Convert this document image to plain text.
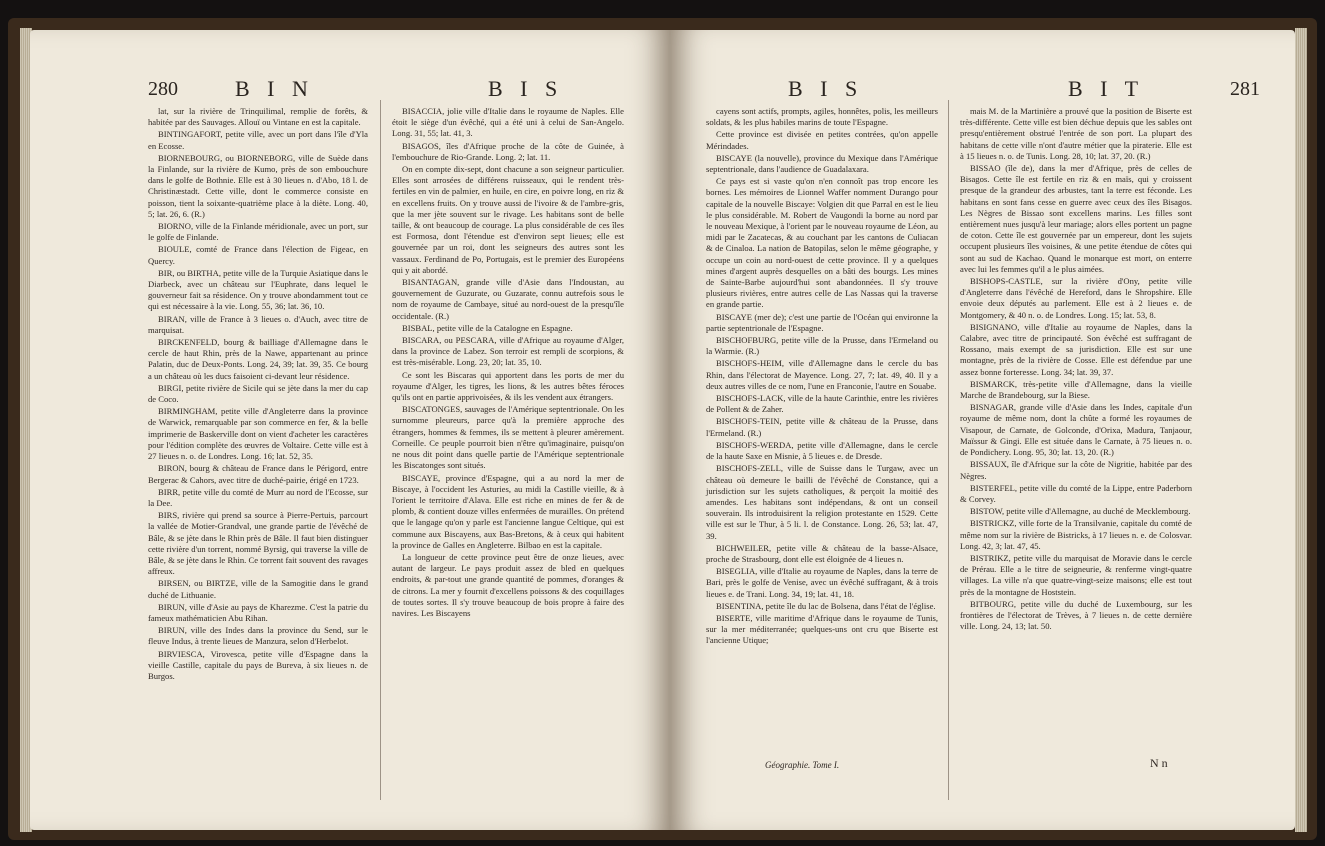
280	B I N	B I S

lat, sur la rivière de Trinquilimal, remplie de forêts, & habitée par des Sauvages. Allouï ou Vintane en est la capitale.

BINTINGAFORT, petite ville, avec un port dans l'île d'Yla en Ecosse.

BIORNEBOURG, ou BIORNEBORG, ville de Suède dans la Finlande, sur la rivière de Kumo, près de son embouchure dans le golfe de Bothnie. Elle est à 30 lieues n. d'Abo, 18 l. de Christinæstadt. Cette ville, dont le commerce consiste en poisson, tient la soixante-quatrième place à la diète. Long. 40, 5; lat. 26, 6. (R.)

BIORNO, ville de la Finlande méridionale, avec un port, sur le golfe de Finlande.

BIOULE, comté de France dans l'élection de Figeac, en Quercy.

BIR, ou BIRTHA, petite ville de la Turquie Asiatique dans le Diarbeck, avec un château sur l'Euphrate, dans lequel le gouverneur fait sa résidence. On y trouve abondamment tout ce qui est nécessaire à la vie. Long. 55, 36; lat. 36, 10.

BIRAN, ville de France à 3 lieues o. d'Auch, avec titre de marquisat.

BIRCKENFELD, bourg & bailliage d'Allemagne dans le cercle de haut Rhin, près de la Nawe, appartenant au prince Palatin, duc de Deux-Ponts. Long. 24, 39; lat. 39, 35. Ce bourg a un château où les ducs faisoient ci-devant leur résidence.

BIRGI, petite rivière de Sicile qui se jète dans la mer du cap de Coco.

BIRMINGHAM, petite ville d'Angleterre dans la province de Warwick, remarquable par son commerce en fer, & la belle imprimerie de Baskerville dont on vient d'acheter les caractères pour l'édition complète des œuvres de Voltaire. Cette ville est à 27 lieues n. o. de Londres. Long. 16; lat. 52, 35.

BIRON, bourg & château de France dans le Périgord, entre Bergerac & Cahors, avec titre de duché-pairie, érigé en 1723.

BIRR, petite ville du comté de Murr au nord de l'Ecosse, sur la Dee.

BIRS, rivière qui prend sa source à Pierre-Pertuis, parcourt la vallée de Motier-Grandval, une grande partie de l'évêché de Bâle, & se jète dans le Rhin près de Bâle. Il faut bien distinguer cette rivière d'un torrent, nommé Byrsig, qui traverse la ville de Bâle, & se jète dans le Rhin. Ce torrent fait souvent des ravages affreux.

BIRSEN, ou BIRTZE, ville de la Samogitie dans le grand duché de Lithuanie.

BIRUN, ville d'Asie au pays de Kharezme. C'est la patrie du fameux mathématicien Abu Rihan.

BIRUN, ville des Indes dans la province du Send, sur le fleuve Indus, à trente lieues de Manzura, selon d'Herbelot.

BIRVIESCA, Virovesca, petite ville d'Espagne dans la vieille Castille, capitale du pays de Bureva, à six lieues n. de Burgos.

BISACCIA, jolie ville d'Italie dans le royaume de Naples. Elle étoit le siège d'un évêché, qui a été uni à celui de San-Angelo. Long. 31, 55; lat. 41, 3.

BISAGOS, îles d'Afrique proche de la côte de Guinée, à l'embouchure de Rio-Grande. Long. 2; lat. 11.

On en compte dix-sept, dont chacune a son seigneur particulier. Elles sont arrosées de différens ruisseaux, qui le rendent très-fertiles en vin de palmier, en huile, en cire, en poivre long, en riz & en excellens fruits. On y trouve aussi de l'ivoire & de l'ambre-gris, que la mer jète souvent sur le rivage. Les habitans sont de belle taille, & ont beaucoup de courage. La plus considérable de ces îles est Formosa, dont l'étendue est d'environ sept lieues; elle est gouvernée par un roi, dont les seigneurs des autres sont les vassaux. Ferdinand de Po, Portugais, est le premier des Européens qui y ait abordé.

BISANTAGAN, grande ville d'Asie dans l'Indoustan, au gouvernement de Guzurate, ou Guzarate, connu autrefois sous le nom de royaume de Cambaye, situé au nord-ouest de la presqu'île occidentale. (R.)

BISBAL, petite ville de la Catalogne en Espagne.

BISCARA, ou PESCARA, ville d'Afrique au royaume d'Alger, dans la province de Labez. Son terroir est rempli de scorpions, & est très-misérable. Long. 23, 20; lat. 35, 10.

Ce sont les Biscaras qui apportent dans les ports de mer du royaume d'Alger, les tigres, les lions, & les autres bêtes féroces qu'ils ont en partie apprivoisées, & ils les vendent aux étrangers.

BISCATONGES, sauvages de l'Amérique septentrionale. On les surnomme pleureurs, parce qu'à la première approche des étrangers, hommes & femmes, ils se mettent à pleurer amèrement. Corneille. Ce peuple pourroit bien n'être qu'imaginaire, puisqu'on ne nous dit point dans quelle partie de l'Amérique septentrionale les Biscatonges sont situés.

BISCAYE, province d'Espagne, qui a au nord la mer de Biscaye, à l'occident les Asturies, au midi la Castille vieille, & à l'orient le territoire d'Alava. Elle est riche en mines de fer & de plomb, & contient douze villes enfermées de murailles. On prétend que le langage qu'on y parle est l'ancienne langue Celtique, qui est commune aux Biscayens, aux Bas-Bretons, & à ceux qui habitent la province de Galles en Angleterre. Bilbao en est la capitale.

La longueur de cette province peut être de onze lieues, avec autant de largeur. Le pays produit assez de bled en quelques endroits, & par-tout une grande quantité de pommes, d'oranges & de citrons. La mer y fournit d'excellens poissons & des coquillages de toutes sortes. Il s'y trouve beaucoup de bois propre à faire des navires. Les Biscayens

B I S	B I T	281

cayens sont actifs, prompts, agiles, honnêtes, polis, les meilleurs soldats, & les plus habiles marins de toute l'Espagne.

Cette province est divisée en petites contrées, qu'on appelle Mérindades.

BISCAYE (la nouvelle), province du Mexique dans l'Amérique septentrionale, dans l'audience de Guadalaxara.

Ce pays est si vaste qu'on n'en connoît pas trop encore les bornes. Les mémoires de Lionnel Waffer nomment Durango pour capitale de la nouvelle Biscaye: Volgien dit que Parral en est le lieu le plus considérable. M. Robert de Vaugondi la borne au nord par le nouveau Mexique, à l'orient par le nouveau royaume de Léon, au midi par le Zacatecas, & au couchant par les cantons de Culiacan & de Cinaloa. La nation de Batopilas, selon le même géographe, y occupe un coin au nord-ouest de cette province. Il y a quelques mines d'argent auprès desquelles on a bâti des bourgs. Les mines de Sainte-Barbe aujourd'hui sont abandonnées. Il s'y trouve plusieurs rivières, entre autres celle de Las Nassas qui la traverse en grande partie.

BISCAYE (mer de); c'est une partie de l'Océan qui environne la partie septentrionale de l'Espagne.

BISCHOFBURG, petite ville de la Prusse, dans l'Ermeland ou la Warmie. (R.)

BISCHOFS-HEIM, ville d'Allemagne dans le cercle du bas Rhin, dans l'électorat de Mayence. Long. 27, 7; lat. 49, 40. Il y a deux autres villes de ce nom, l'une en Franconie, l'autre en Souabe.

BISCHOFS-LACK, ville de la haute Carinthie, entre les rivières de Pollent & de Zaher.

BISCHOFS-TEIN, petite ville & château de la Prusse, dans l'Ermeland. (R.)

BISCHOFS-WERDA, petite ville d'Allemagne, dans le cercle de la haute Saxe en Misnie, à 5 lieues e. de Dresde.

BISCHOFS-ZELL, ville de Suisse dans le Turgaw, avec un château où demeure le bailli de l'évêché de Constance, qui a jurisdiction sur les sujets catholiques, & perçoit la moitié des amendes. Les habitans sont indépendans, & ont un conseil souverain. Ils introduisirent la religion protestante en 1529. Cette ville est sur le Thur, à 5 li. l. de Constance. Long. 26, 53; lat. 47, 39.

BICHWEILER, petite ville & château de la basse-Alsace, proche de Strasbourg, dont elle est éloignée de 4 lieues n.

BISEGLIA, ville d'Italie au royaume de Naples, dans la terre de Bari, près le golfe de Venise, avec un évêché suffragant, & à trois lieues e. de Trani. Long. 34, 19; lat. 41, 18.

BISENTINA, petite île du lac de Bolsena, dans l'état de l'église.

BISERTE, ville maritime d'Afrique dans le royaume de Tunis, sur la mer méditerranée; quelques-uns ont cru que Biserte est l'ancienne Utique;

mais M. de la Martinière a prouvé que la position de Biserte est très-différente. Cette ville est bien déchue depuis que les sables ont presqu'entièrement obstrué l'entrée de son port. La plupart des habitans de cette ville n'ont d'autre métier que la piraterie. Elle est à 15 lieues n. o. de Tunis. Long. 28, 10; lat. 37, 20. (R.)

BISSAO (île de), dans la mer d'Afrique, près de celles de Bisagos. Cette île est fertile en riz & en maïs, qui y croissent presque de la grandeur des arbustes, tant la terre est féconde. Les habitans en sont fans cesse en guerre avec ceux des îles Bisagos. Les Nègres de Bissao sont excellens marins. Les filles sont entièrement nues jusqu'à leur mariage; alors elles portent un pagne de coton. Cette île est gouvernée par un empereur, dont les sujets occupent plusieurs îles voisines, & une petite étendue de côtes qui sont au sud de Kachao. Quand le monarque est mort, on enterre avec lui les femmes qu'il a le plus aimées.

BISHOPS-CASTLE, sur la rivière d'Ony, petite ville d'Angleterre dans l'évêché de Hereford, dans le Shropshire. Elle envoie deux députés au parlement. Elle est à 2 lieues e. de Montgomery, & 40 n. o. de Londres. Long. 15; lat. 53, 8.

BISIGNANO, ville d'Italie au royaume de Naples, dans la Calabre, avec titre de principauté. Son évêché est suffragant de Rossano, mais exempt de sa jurisdiction. Elle est sur une montagne, près de la rivière de Cosse. Elle est défendue par une assez bonne forteresse. Long. 34; lat. 39, 37.

BISMARCK, très-petite ville d'Allemagne, dans la vieille Marche de Brandebourg, sur la Biese.

BISNAGAR, grande ville d'Asie dans les Indes, capitale d'un royaume de même nom, dont la chûte a formé les royaumes de Visapour, de Carnate, de Golconde, d'Orixa, Madura, Tanjaour, Maïssur & Gingi. Elle est située dans le Carnate, à 75 lieues n. o. de Pondichery. Long. 95, 30; lat. 13, 20. (R.)

BISSAUX, île d'Afrique sur la côte de Nigritie, habitée par des Nègres.

BISTERFEL, petite ville du comté de la Lippe, entre Paderborn & Corvey.

BISTOW, petite ville d'Allemagne, au duché de Mecklembourg.

BISTRICKZ, ville forte de la Transilvanie, capitale du comté de même nom sur la rivière de Bistricks, à 17 lieues n. e. de Colosvar. Long. 42, 3; lat. 47, 45.

BISTRIKZ, petite ville du marquisat de Moravie dans le cercle de Prérau. Elle a le titre de seigneurie, & renferme vingt-quatre villages. La ville n'a que quatre-vingt-seize maisons; elle est tout près de la montagne de Hoststein.

BITBOURG, petite ville du duché de Luxembourg, sur les frontières de l'électorat de Trèves, à 7 lieues n. de cette dernière ville. Long. 24, 13; lat. 50.

Géographie. Tome I.	N n
